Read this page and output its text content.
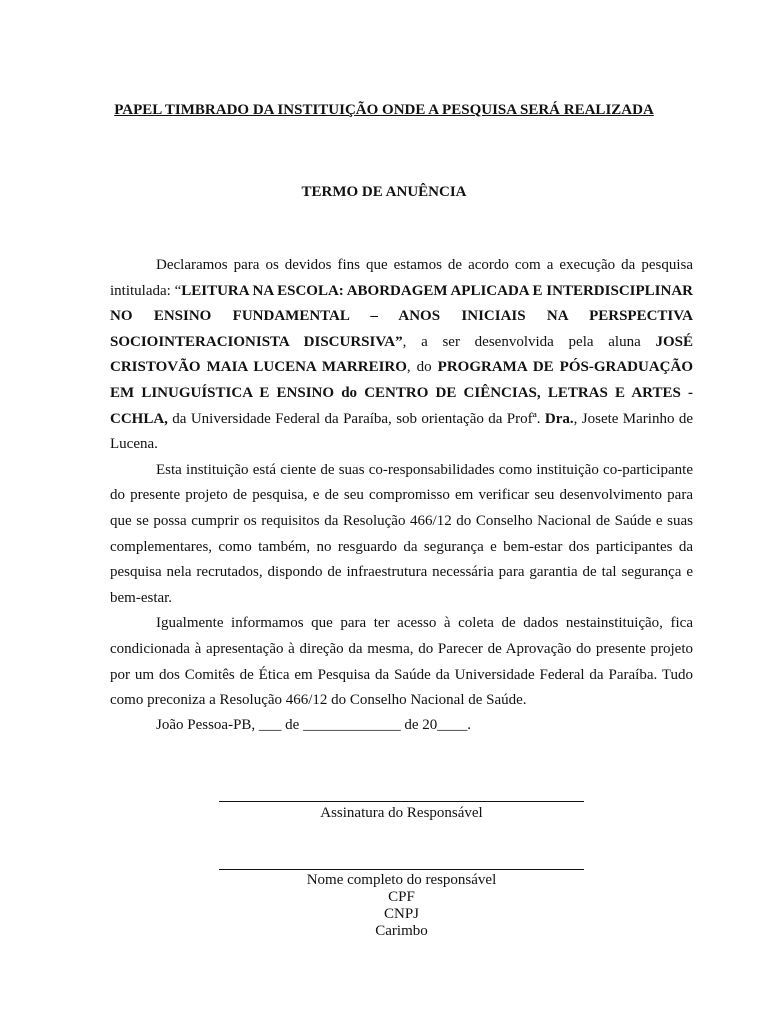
PAPEL TIMBRADO DA INSTITUIÇÃO ONDE A PESQUISA SERÁ REALIZADA
TERMO DE ANUÊNCIA

Declaramos para os devidos fins que estamos de acordo com a execução da pesquisa intitulada: “LEITURA NA ESCOLA: ABORDAGEM APLICADA E INTERDISCIPLINAR NO ENSINO FUNDAMENTAL – ANOS INICIAIS NA PERSPECTIVA SOCIOINTERACIONISTA DISCURSIVA”, a ser desenvolvida pela aluna JOSÉ CRISTOVÃO MAIA LUCENA MARREIRO, do PROGRAMA DE PÓS-GRADUAÇÃO EM LINUGUÍSTICA E ENSINO do CENTRO DE CIÊNCIAS, LETRAS E ARTES - CCHLA, da Universidade Federal da Paraíba, sob orientação da Profª. Dra., Josete Marinho de Lucena.

Esta instituição está ciente de suas co-responsabilidades como instituição co-participante do presente projeto de pesquisa, e de seu compromisso em verificar seu desenvolvimento para que se possa cumprir os requisitos da Resolução 466/12 do Conselho Nacional de Saúde e suas complementares, como também, no resguardo da segurança e bem-estar dos participantes da pesquisa nela recrutados, dispondo de infraestrutura necessária para garantia de tal segurança e bem-estar.

Igualmente informamos que para ter acesso à coleta de dados nestainstituição, fica condicionada à apresentação à direção da mesma, do Parecer de Aprovação do presente projeto por um dos Comitês de Ética em Pesquisa da Saúde da Universidade Federal da Paraíba. Tudo como preconiza a Resolução 466/12 do Conselho Nacional de Saúde.

João Pessoa-PB, ___ de _____________ de 20____.
Assinatura do Responsável
Nome completo do responsável
CPF
CNPJ
Carimbo
